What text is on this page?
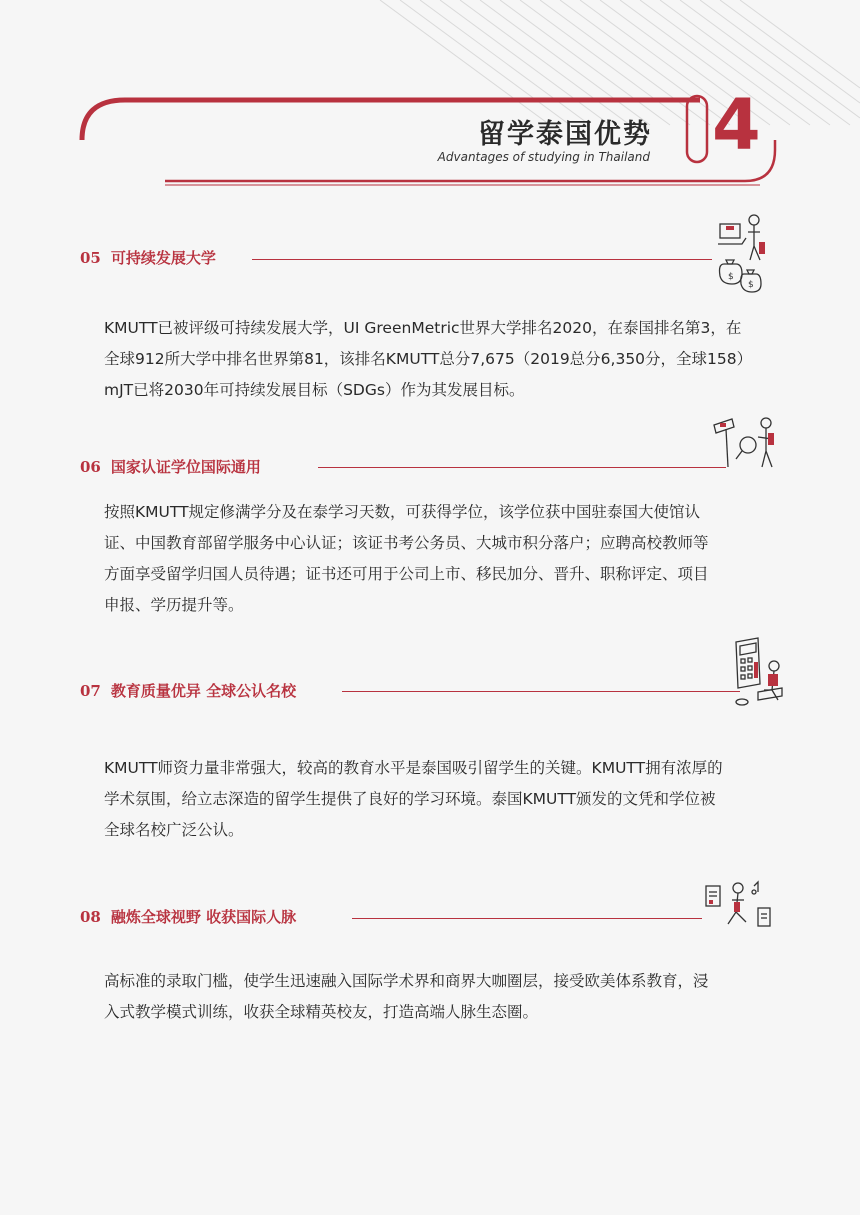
留学泰国优势
Advantages of studying in Thailand 4
05 可持续发展大学
$
$

KMUTT已被评级可持续发展大学，UI GreenMetric世界大学排名2020，在泰国排名第3，在

全球912所大学中排名世界第81，该排名KMUTT总分7,675（2019总分6,350分，全球158）

mJT已将2030年可持续发展目标（SDGs）作为其发展目标。

06 国家认证学位国际通用

按照KMUTT规定修满学分及在泰学习天数，可获得学位，该学位获中国驻泰国大使馆认

证、中国教育部留学服务中心认证；该证书考公务员、大城市积分落户；应聘高校教师等

方面享受留学归国人员待遇；证书还可用于公司上市、移民加分、晋升、职称评定、项目

申报、学历提升等。

07 教育质量优异 全球公认名校

KMUTT师资力量非常强大，较高的教育水平是泰国吸引留学生的关键。KMUTT拥有浓厚的

学术氛围，给立志深造的留学生提供了良好的学习环境。泰国KMUTT颁发的文凭和学位被

全球名校广泛公认。

08 融炼全球视野 收获国际人脉

高标准的录取门槛，使学生迅速融入国际学术界和商界大咖圈层，接受欧美体系教育，浸

入式教学模式训练，收获全球精英校友，打造高端人脉生态圈。
